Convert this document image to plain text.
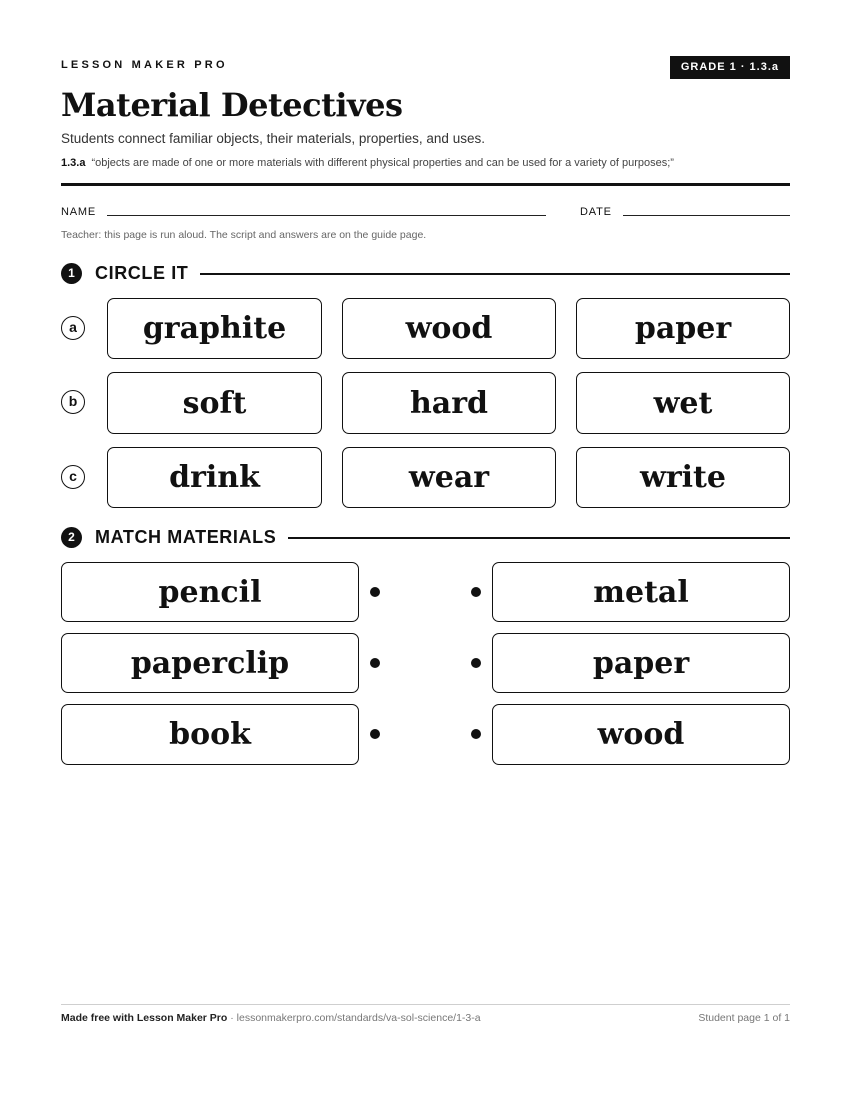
LESSON MAKER PRO	GRADE 1 · 1.3.a
Material Detectives
Students connect familiar objects, their materials, properties, and uses.
1.3.a “objects are made of one or more materials with different physical properties and can be used for a variety of purposes;”
NAME	DATE
Teacher: this page is run aloud. The script and answers are on the guide page.
1	CIRCLE IT
a	graphite	wood	paper
b	soft	hard	wet
c	drink	wear	write
2	MATCH MATERIALS
pencil	metal
paperclip	paper
book	wood
Made free with Lesson Maker Pro · lessonmakerpro.com/standards/va-sol-science/1-3-a	Student page 1 of 1
